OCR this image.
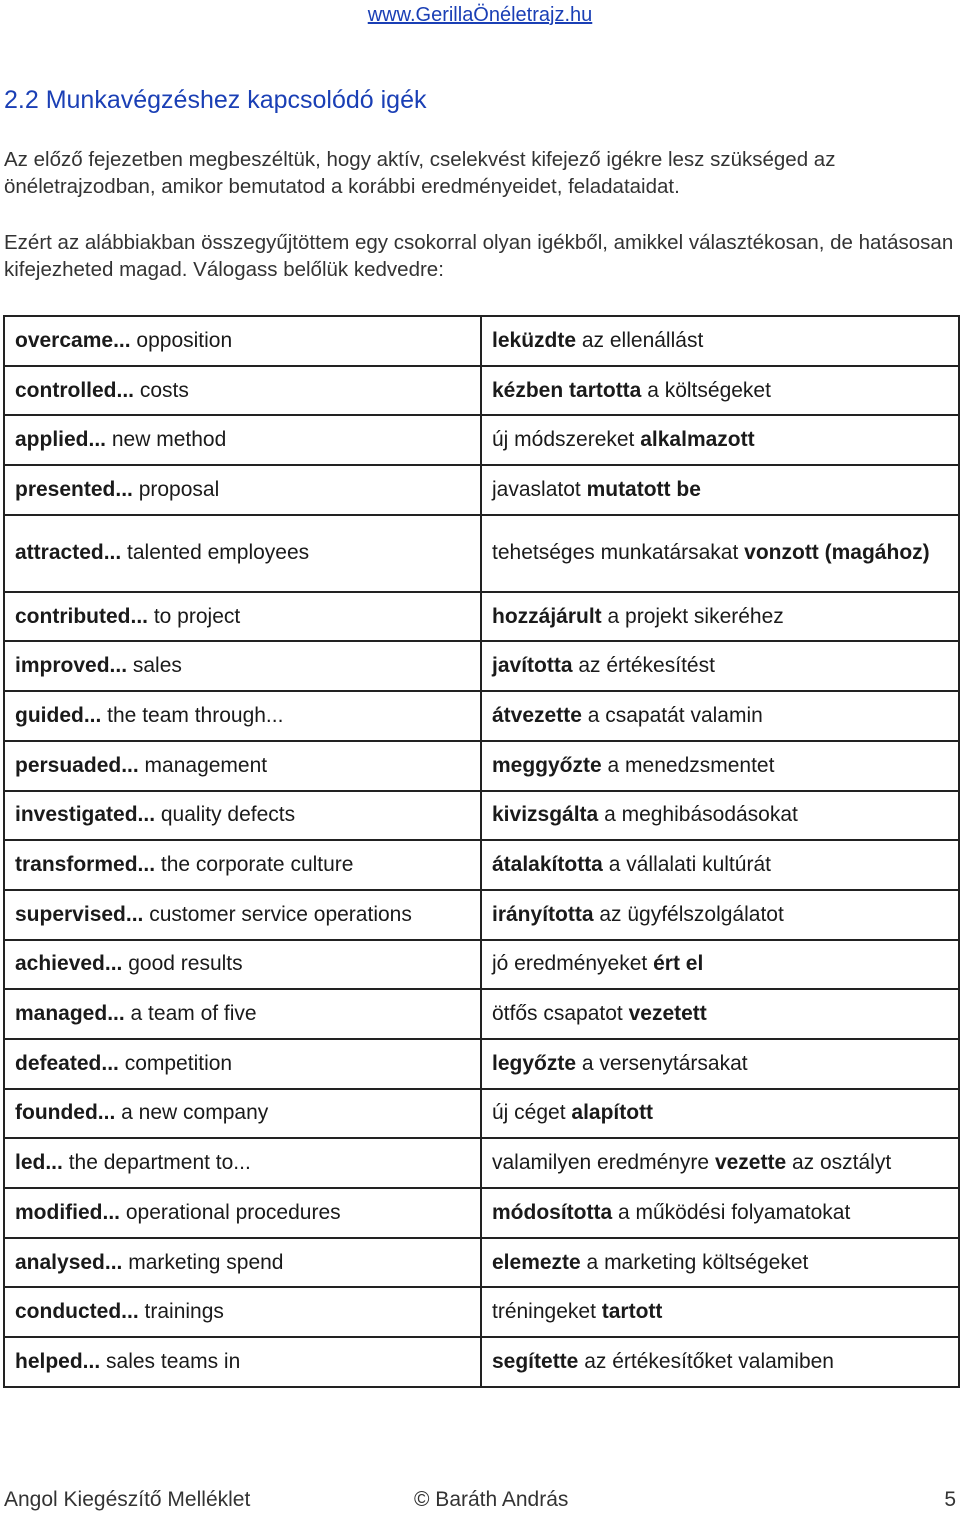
www.GerillaÖnéletrajz.hu
2.2 Munkavégzéshez kapcsolódó igék

Az előző fejezetben megbeszéltük, hogy aktív, cselekvést kifejező igékre lesz szükséged az önéletrajzodban, amikor bemutatod a korábbi eredményeidet, feladataidat.

Ezért az alábbiakban összegyűjtöttem egy csokorral olyan igékből, amikkel választékosan, de hatásosan kifejezheted magad. Válogass belőlük kedvedre:

overcame... opposition	leküzdte az ellenállást
controlled... costs	kézben tartotta a költségeket
applied... new method	új módszereket alkalmazott
presented... proposal	javaslatot mutatott be
attracted... talented employees	tehetséges munkatársakat vonzott (magához)
contributed... to project	hozzájárult a projekt sikeréhez
improved... sales	javította az értékesítést
guided... the team through...	átvezette a csapatát valamin
persuaded... management	meggyőzte a menedzsmentet
investigated... quality defects	kivizsgálta a meghibásodásokat
transformed... the corporate culture	átalakította a vállalati kultúrát
supervised... customer service operations	irányította az ügyfélszolgálatot
achieved... good results	jó eredményeket ért el
managed... a team of five	ötfős csapatot vezetett
defeated... competition	legyőzte a versenytársakat
founded... a new company	új céget alapított
led... the department to...	valamilyen eredményre vezette az osztályt
modified... operational procedures	módosította a működési folyamatokat
analysed... marketing spend	elemezte a marketing költségeket
conducted... trainings	tréningeket tartott
helped... sales teams in	segítette az értékesítőket valamiben
Angol Kiegészítő Melléklet	© Baráth András	5
